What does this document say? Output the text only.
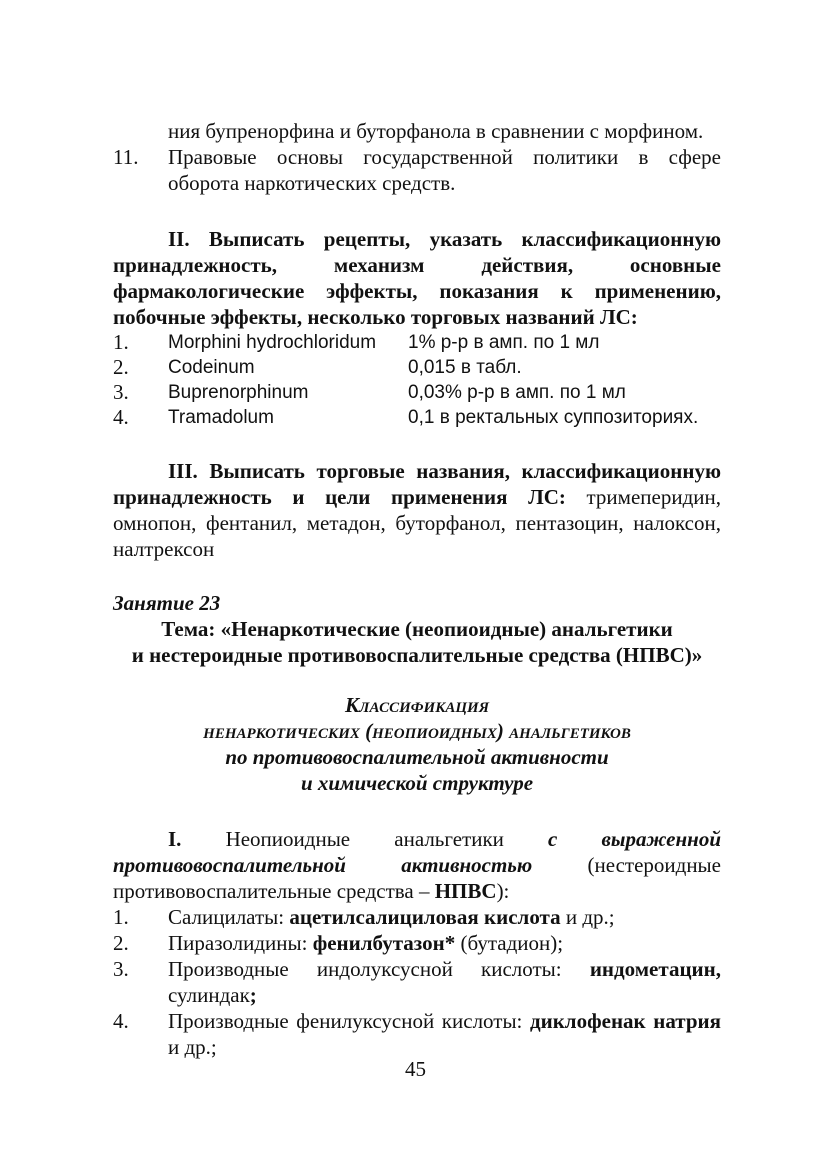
ния бупренорфина и буторфанола в сравнении с морфином.
11.	Правовые основы государственной политики в сфере оборота наркотических средств.
II. Выписать рецепты, указать классификационную принадлежность, механизм действия, основные фармакологические эффекты, показания к применению, побочные эффекты, несколько торговых названий ЛС:
1.	Morphini hydrochloridum	1% р-р в амп. по 1 мл
2.	Codeinum	0,015 в табл.
3.	Buprenorphinum	0,03% р-р в амп. по 1 мл
4.	Tramadolum	0,1 в ректальных суппозиториях.
III. Выписать торговые названия, классификационную принадлежность и цели применения ЛС: тримеперидин, омнопон, фентанил, метадон, буторфанол, пентазоцин, налоксон, налтрексон
Занятие 23
Тема: «Ненаркотические (неопиоидные) анальгетики
и нестероидные противовоспалительные средства (НПВС)»
Классификация
ненаркотических (неопиоидных) анальгетиков
по противовоспалительной активности
и химической структуре
I. Неопиоидные анальгетики с выраженной противовоспалительной активностью (нестероидные противовоспалительные средства – НПВС):
1.	Салицилаты: ацетилсалициловая кислота и др.;
2.	Пиразолидины: фенилбутазон* (бутадион);
3.	Производные индолуксусной кислоты: индометацин, сулиндак;
4.	Производные фенилуксусной кислоты: диклофенак натрия и др.;
45
